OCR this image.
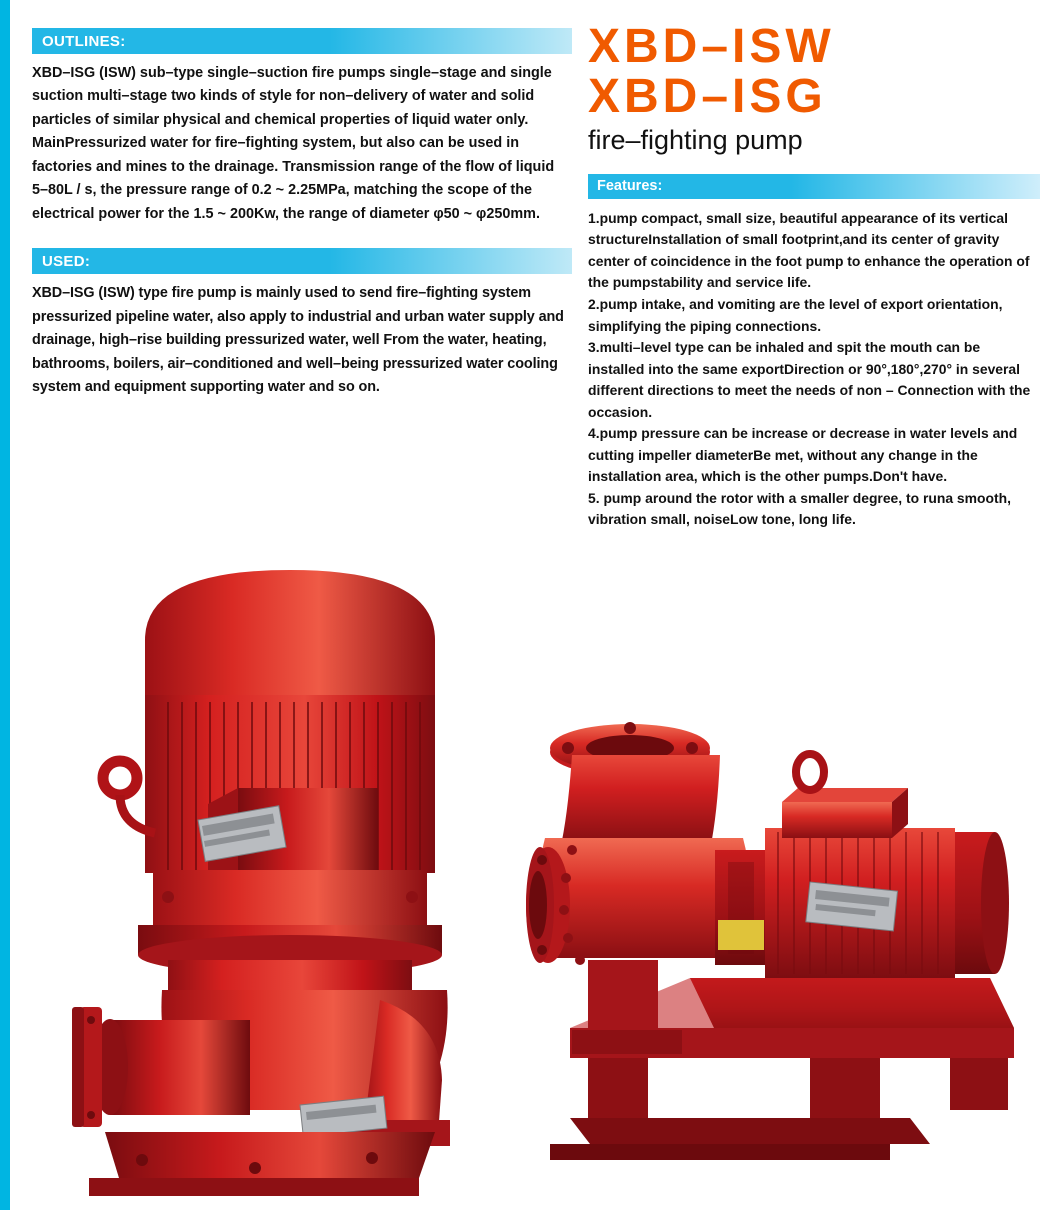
OUTLINES:
XBD–ISG (ISW) sub–type single–suction fire pumps single–stage and single suction multi–stage two kinds of style for non–delivery of water and solid particles of similar physical and chemical properties of liquid water only. MainPressurized water for fire–fighting system, but also can be used in factories and mines to the drainage. Transmission range of the flow of liquid 5–80L / s, the pressure range of 0.2 ~ 2.25MPa, matching the scope of the electrical power for the 1.5 ~ 200Kw, the range of diameter φ50 ~ φ250mm.
USED:
XBD–ISG (ISW) type fire pump is mainly used to send fire–fighting system pressurized pipeline water, also apply to industrial and urban water supply and drainage, high–rise building pressurized water, well From the water, heating, bathrooms, boilers, air–conditioned and well–being pressurized water cooling system and equipment supporting water and so on.
XBD–ISW
XBD–ISG
fire–fighting pump
Features:

1.pump compact, small size, beautiful appearance of its vertical structureInstallation of small footprint,and its center of gravity center of coincidence in the foot pump to enhance the operation of the pumpstability and service life.

2.pump intake, and vomiting are the level of export orientation, simplifying the piping connections.

3.multi–level type can be inhaled and spit the mouth can be installed into the same exportDirection or 90°,180°,270° in several different directions to meet the needs of non – Connection with the occasion.

4.pump pressure can be increase or decrease in water levels and cutting impeller diameterBe met, without any change in the installation area, which is the other pumps.Don't have.

5. pump around the rotor with a smaller degree, to runa smooth, vibration small, noiseLow tone, long life.
